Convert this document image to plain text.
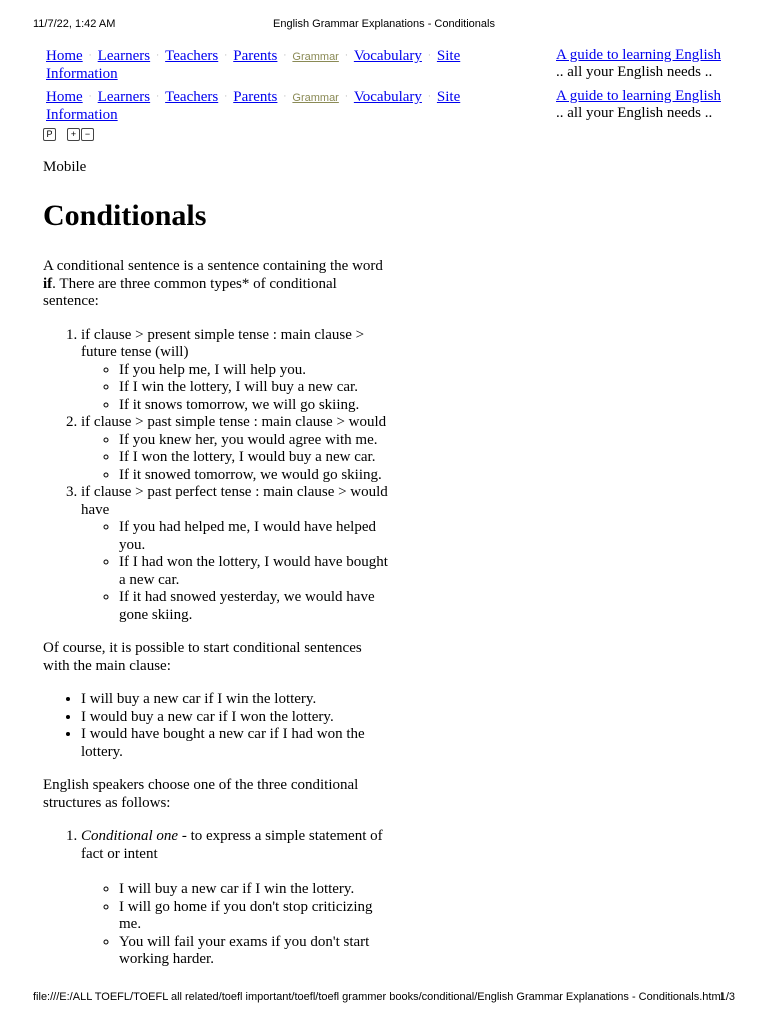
11/7/22, 1:42 AM	English Grammar Explanations - Conditionals
Home · Learners · Teachers · Parents · Grammar · Vocabulary · Site
Information
A guide to learning English
.. all your English needs ..
Home · Learners · Teachers · Parents · Grammar · Vocabulary · Site
Information
A guide to learning English
.. all your English needs ..
P + −
Mobile
Conditionals

A conditional sentence is a sentence containing the word if. There are three common types* of conditional sentence:

1. if clause > present simple tense : main clause > future tense (will)
◦ If you help me, I will help you.
◦ If I win the lottery, I will buy a new car.
◦ If it snows tomorrow, we will go skiing.
2. if clause > past simple tense : main clause > would
◦ If you knew her, you would agree with me.
◦ If I won the lottery, I would buy a new car.
◦ If it snowed tomorrow, we would go skiing.
3. if clause > past perfect tense : main clause > would have
◦ If you had helped me, I would have helped you.
◦ If I had won the lottery, I would have bought a new car.
◦ If it had snowed yesterday, we would have gone skiing.

Of course, it is possible to start conditional sentences with the main clause:

• I will buy a new car if I win the lottery.
• I would buy a new car if I won the lottery.
• I would have bought a new car if I had won the lottery.

English speakers choose one of the three conditional structures as follows:

1. Conditional one - to express a simple statement of fact or intent
◦ I will buy a new car if I win the lottery.
◦ I will go home if you don't stop criticizing me.
◦ You will fail your exams if you don't start working harder.
file:///E:/ALL TOEFL/TOEFL all related/toefl important/toefl/toefl grammer books/conditional/English Grammar Explanations - Conditionals.html
1/3
